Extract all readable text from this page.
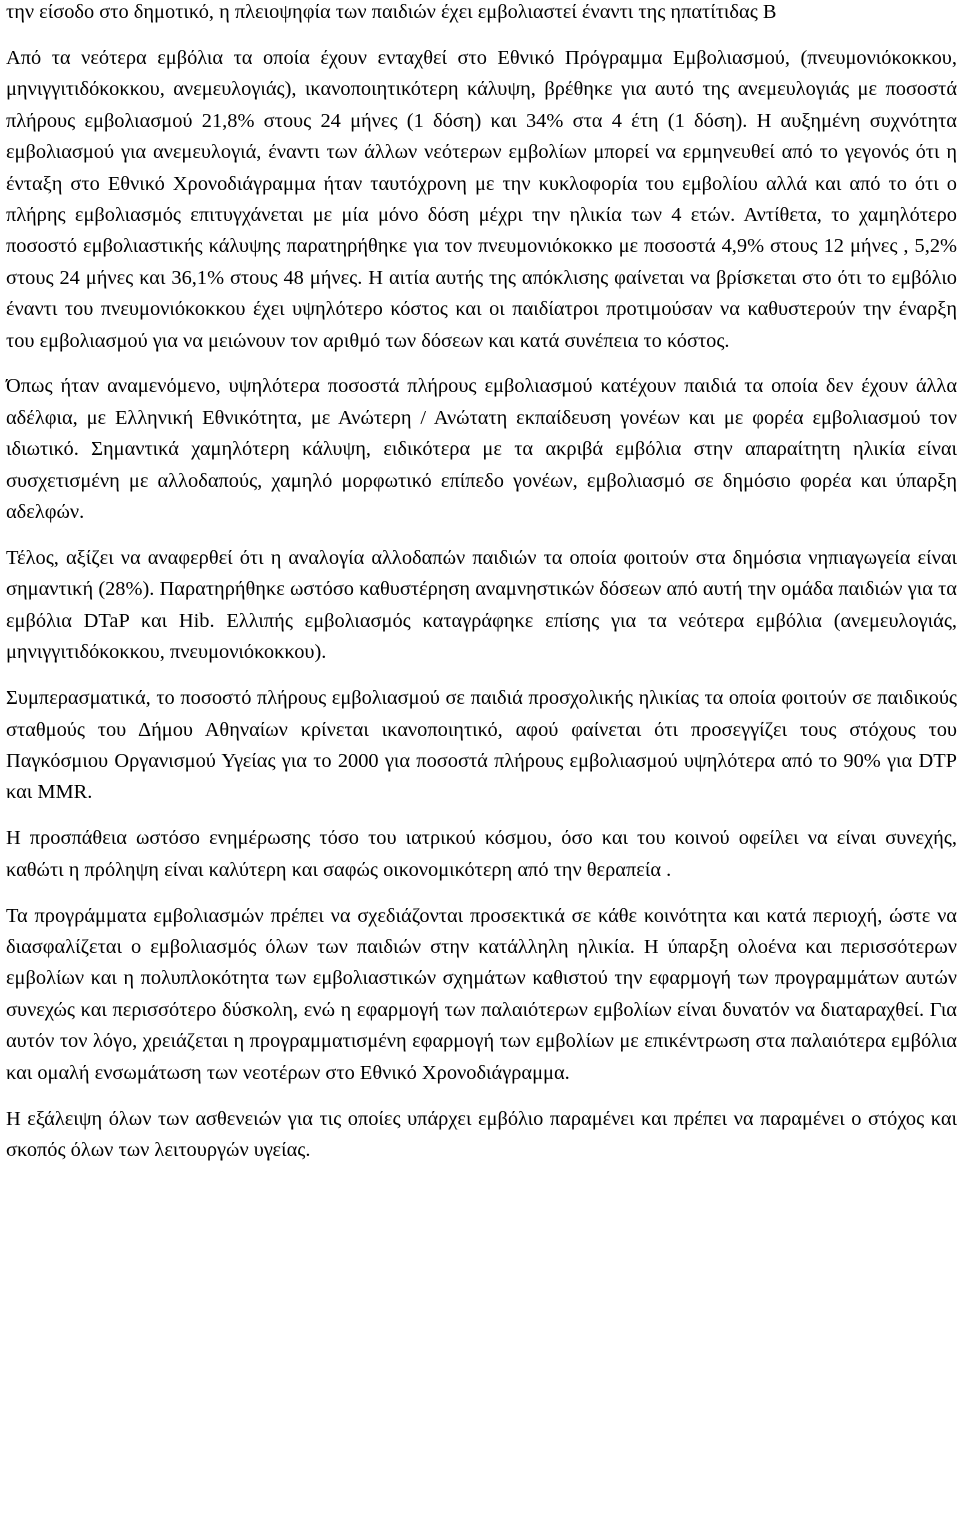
την είσοδο στο δημοτικό, η πλειοψηφία των παιδιών έχει εμβολιαστεί έναντι της ηπατίτιδας Β

Από τα νεότερα εμβόλια τα οποία έχουν ενταχθεί στο Εθνικό Πρόγραμμα Εμβολιασμού, (πνευμονιόκοκκου, μηνιγγιτιδόκοκκου, ανεμευλογιάς), ικανοποιητικότερη κάλυψη, βρέθηκε για αυτό της ανεμευλογιάς με ποσοστά πλήρους εμβολιασμού 21,8% στους 24 μήνες (1 δόση) και 34% στα 4 έτη (1 δόση). Η αυξημένη συχνότητα εμβολιασμού για ανεμευλογιά, έναντι των άλλων νεότερων εμβολίων μπορεί να ερμηνευθεί από το γεγονός ότι η ένταξη στο Εθνικό Χρονοδιάγραμμα ήταν ταυτόχρονη με την κυκλοφορία του εμβολίου αλλά και από το ότι ο πλήρης εμβολιασμός επιτυγχάνεται με μία μόνο δόση μέχρι την ηλικία των 4 ετών. Αντίθετα, το χαμηλότερο ποσοστό εμβολιαστικής κάλυψης παρατηρήθηκε για τον πνευμονιόκοκκο με ποσοστά 4,9% στους 12 μήνες , 5,2% στους 24 μήνες και 36,1% στους 48 μήνες. Η αιτία αυτής της απόκλισης φαίνεται να βρίσκεται στο ότι το εμβόλιο έναντι του πνευμονιόκοκκου έχει υψηλότερο κόστος και οι παιδίατροι προτιμούσαν να καθυστερούν την έναρξη του εμβολιασμού για να μειώνουν τον αριθμό των δόσεων και κατά συνέπεια το κόστος.

Όπως ήταν αναμενόμενο, υψηλότερα ποσοστά πλήρους εμβολιασμού κατέχουν παιδιά τα οποία δεν έχουν άλλα αδέλφια, με Ελληνική Εθνικότητα, με Ανώτερη / Ανώτατη εκπαίδευση γονέων και με φορέα εμβολιασμού τον ιδιωτικό. Σημαντικά χαμηλότερη κάλυψη, ειδικότερα με τα ακριβά εμβόλια στην απαραίτητη ηλικία είναι συσχετισμένη με αλλοδαπούς, χαμηλό μορφωτικό επίπεδο γονέων, εμβολιασμό σε δημόσιο φορέα και ύπαρξη αδελφών.

Τέλος, αξίζει να αναφερθεί ότι η αναλογία αλλοδαπών παιδιών τα οποία φοιτούν στα δημόσια νηπιαγωγεία είναι σημαντική (28%). Παρατηρήθηκε ωστόσο καθυστέρηση αναμνηστικών δόσεων από αυτή την ομάδα παιδιών για τα εμβόλια DTaP και Hib. Ελλιπής εμβολιασμός καταγράφηκε επίσης για τα νεότερα εμβόλια (ανεμευλογιάς, μηνιγγιτιδόκοκκου, πνευμονιόκοκκου).

Συμπερασματικά, το ποσοστό πλήρους εμβολιασμού σε παιδιά προσχολικής ηλικίας τα οποία φοιτούν σε παιδικούς σταθμούς του Δήμου Αθηναίων κρίνεται ικανοποιητικό, αφού φαίνεται ότι προσεγγίζει τους στόχους του Παγκόσμιου Οργανισμού Υγείας για το 2000 για ποσοστά πλήρους εμβολιασμού υψηλότερα από το 90% για DTP και MMR.

Η προσπάθεια ωστόσο ενημέρωσης τόσο του ιατρικού κόσμου, όσο και του κοινού οφείλει να είναι συνεχής, καθώτι η πρόληψη είναι καλύτερη και σαφώς οικονομικότερη από την θεραπεία .

Τα προγράμματα εμβολιασμών πρέπει να σχεδιάζονται προσεκτικά σε κάθε κοινότητα και κατά περιοχή, ώστε να διασφαλίζεται ο εμβολιασμός όλων των παιδιών στην κατάλληλη ηλικία. Η ύπαρξη ολοένα και περισσότερων εμβολίων και η πολυπλοκότητα των εμβολιαστικών σχημάτων καθιστού την εφαρμογή των προγραμμάτων αυτών συνεχώς και περισσότερο δύσκολη, ενώ η εφαρμογή των παλαιότερων εμβολίων είναι δυνατόν να διαταραχθεί. Για αυτόν τον λόγο, χρειάζεται η προγραμματισμένη εφαρμογή των εμβολίων με επικέντρωση στα παλαιότερα εμβόλια και ομαλή ενσωμάτωση των νεοτέρων στο Εθνικό Χρονοδιάγραμμα.

Η εξάλειψη όλων των ασθενειών για τις οποίες υπάρχει εμβόλιο παραμένει και πρέπει να παραμένει ο στόχος και σκοπός όλων των λειτουργών υγείας.
